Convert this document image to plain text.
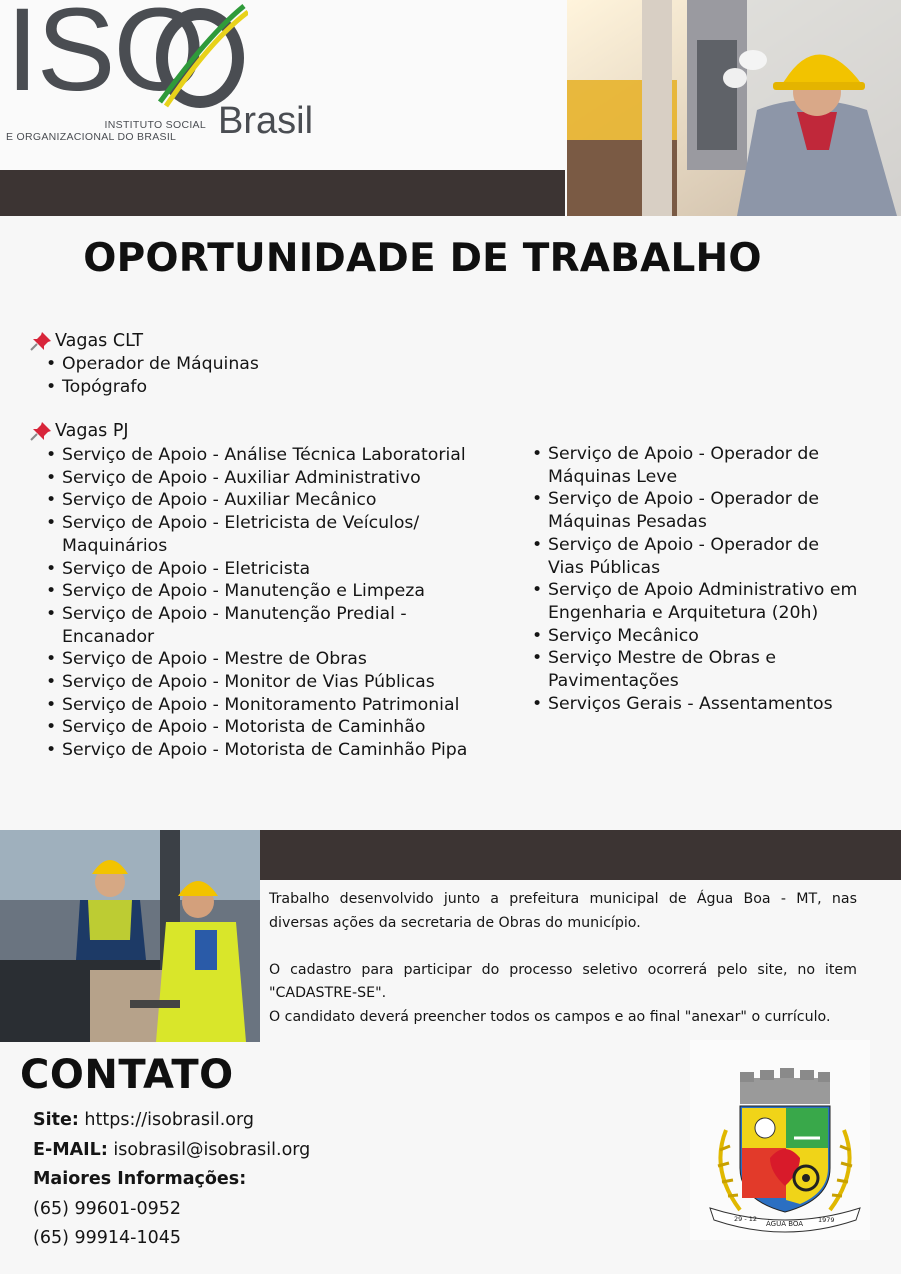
ISO
INSTITUTO SOCIAL
E ORGANIZACIONAL DO BRASIL	Brasil
OPORTUNIDADE DE TRABALHO
Vagas CLT
• Operador de Máquinas
• Topógrafo
Vagas PJ
• Serviço de Apoio - Análise Técnica Laboratorial
• Serviço de Apoio - Auxiliar Administrativo
• Serviço de Apoio - Auxiliar Mecânico
• Serviço de Apoio - Eletricista de Veículos/ Maquinários
• Serviço de Apoio - Eletricista
• Serviço de Apoio - Manutenção e Limpeza
• Serviço de Apoio - Manutenção Predial - Encanador
• Serviço de Apoio - Mestre de Obras
• Serviço de Apoio - Monitor de Vias Públicas
• Serviço de Apoio - Monitoramento Patrimonial
• Serviço de Apoio - Motorista de Caminhão
• Serviço de Apoio - Motorista de Caminhão Pipa
• Serviço de Apoio - Operador de Máquinas Leve
• Serviço de Apoio - Operador de Máquinas Pesadas
• Serviço de Apoio - Operador de Vias Públicas
• Serviço de Apoio Administrativo em Engenharia e Arquitetura (20h)
• Serviço Mecânico
• Serviço Mestre de Obras e Pavimentações
• Serviços Gerais - Assentamentos

Trabalho desenvolvido junto a prefeitura municipal de Água Boa - MT, nas diversas ações da secretaria de Obras do município.

O cadastro para participar do processo seletivo ocorrerá pelo site, no item "CADASTRE-SE".

O candidato deverá preencher todos os campos e ao final "anexar" o currículo.

CONTATO
Site: https://isobrasil.org
E-MAIL: isobrasil@isobrasil.org
Maiores Informações:
(65) 99601-0952
(65) 99914-1045
29 - 12
ÁGUA BOA 1979
